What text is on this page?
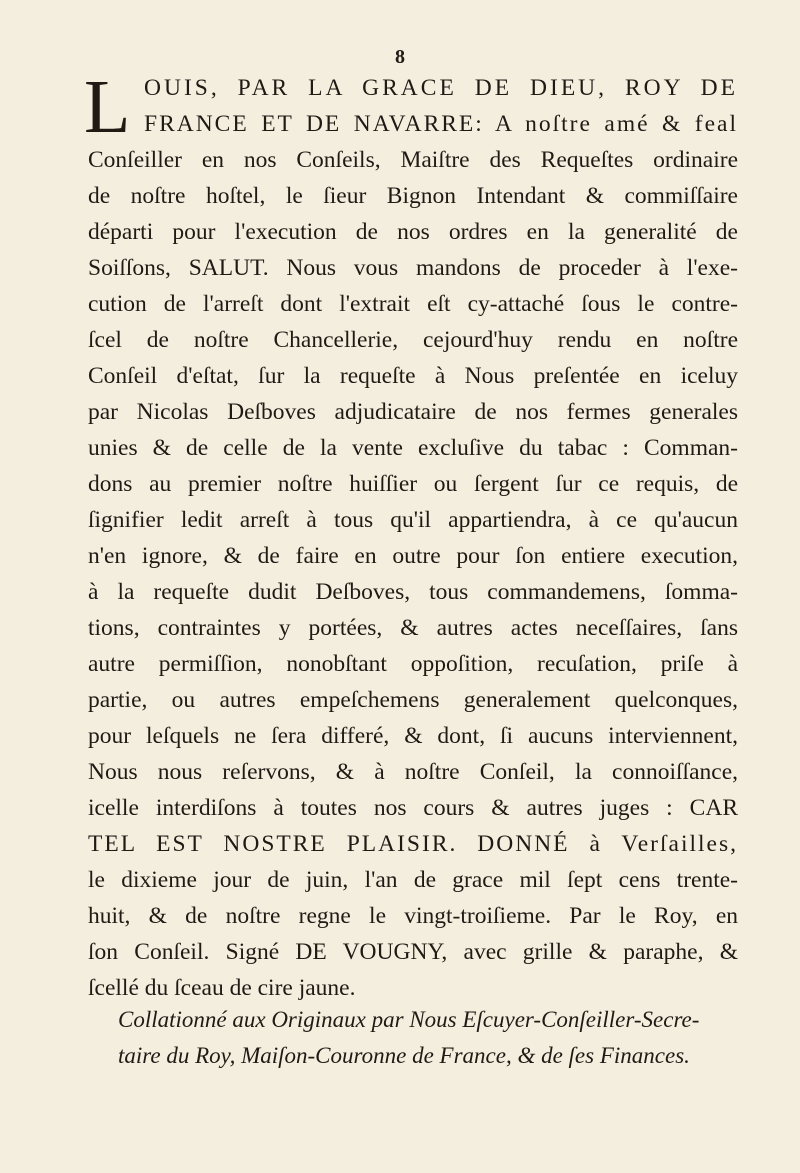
8
L OUIS, PAR LA GRACE DE DIEU, ROY DE
FRANCE ET DE NAVARRE: A noſtre amé & feal
Conſeiller en nos Conſeils, Maiſtre des Requeſtes ordinaire
de noſtre hoſtel, le ſieur Bignon Intendant & commiſſaire
départi pour l'execution de nos ordres en la generalité de
Soiſſons, SALUT. Nous vous mandons de proceder à l'exe-
cution de l'arreſt dont l'extrait eſt cy-attaché ſous le contre-
ſcel de noſtre Chancellerie, cejourd'huy rendu en noſtre
Conſeil d'eſtat, ſur la requeſte à Nous preſentée en iceluy
par Nicolas Deſboves adjudicataire de nos fermes generales
unies & de celle de la vente excluſive du tabac : Comman-
dons au premier noſtre huiſſier ou ſergent ſur ce requis, de
ſignifier ledit arreſt à tous qu'il appartiendra, à ce qu'aucun
n'en ignore, & de faire en outre pour ſon entiere execution,
à la requeſte dudit Deſboves, tous commandemens, ſomma-
tions, contraintes y portées, & autres actes neceſſaires, ſans
autre permiſſion, nonobſtant oppoſition, recuſation, priſe à
partie, ou autres empeſchemens generalement quelconques,
pour leſquels ne ſera differé, & dont, ſi aucuns interviennent,
Nous nous reſervons, & à noſtre Conſeil, la connoiſſance,
icelle interdiſons à toutes nos cours & autres juges : CAR
TEL EST NOSTRE PLAISIR. DONNÉ à Verſailles,
le dixieme jour de juin, l'an de grace mil ſept cens trente-
huit, & de noſtre regne le vingt-troiſieme. Par le Roy, en
ſon Conſeil. Signé DE VOUGNY, avec grille & paraphe, &
ſcellé du ſceau de cire jaune.
Collationné aux Originaux par Nous Eſcuyer-Conſeiller-Secre-
taire du Roy, Maiſon-Couronne de France, & de ſes Finances.
